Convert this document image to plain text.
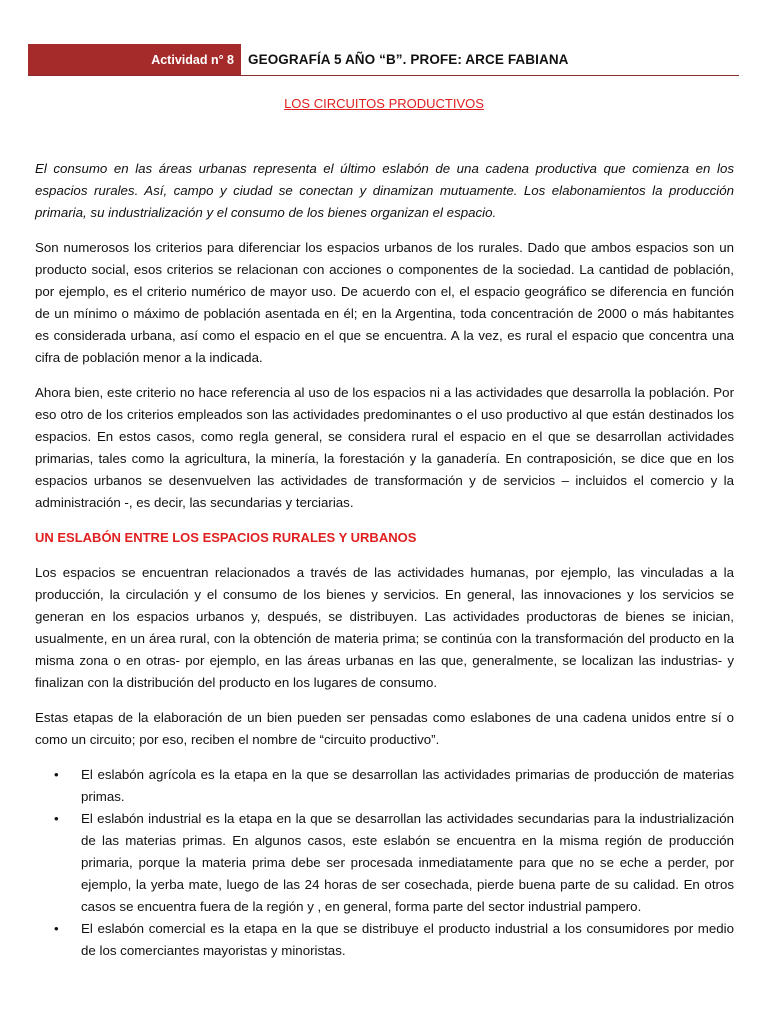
Actividad n° 8	GEOGRAFÍA 5 AÑO “B”. PROFE: ARCE FABIANA
LOS CIRCUITOS PRODUCTIVOS

El consumo en las áreas urbanas representa el último eslabón de una cadena productiva que comienza en los espacios rurales. Así, campo y ciudad se conectan y dinamizan mutuamente. Los elabonamientos la producción primaria, su industrialización y el consumo de los bienes organizan el espacio.

Son numerosos los criterios para diferenciar los espacios urbanos de los rurales. Dado que ambos espacios son un producto social, esos criterios se relacionan con acciones o componentes de la sociedad. La cantidad de población, por ejemplo, es el criterio numérico de mayor uso. De acuerdo con el, el espacio geográfico se diferencia en función de un mínimo o máximo de población asentada en él; en la Argentina, toda concentración de 2000 o más habitantes es considerada urbana, así como el espacio en el que se encuentra. A la vez, es rural el espacio que concentra una cifra de población menor a la indicada.

Ahora bien, este criterio no hace referencia al uso de los espacios ni a las actividades que desarrolla la población. Por eso otro de los criterios empleados son las actividades predominantes o el uso productivo al que están destinados los espacios. En estos casos, como regla general, se considera rural el espacio en el que se desarrollan actividades primarias, tales como la agricultura, la minería, la forestación y la ganadería. En contraposición, se dice que en los espacios urbanos se desenvuelven las actividades de transformación y de servicios – incluidos el comercio y la administración -, es decir, las secundarias y terciarias.

UN ESLABÓN ENTRE LOS ESPACIOS RURALES Y URBANOS

Los espacios se encuentran relacionados a través de las actividades humanas, por ejemplo, las vinculadas a la producción, la circulación y el consumo de los bienes y servicios. En general, las innovaciones y los servicios se generan en los espacios urbanos y, después, se distribuyen. Las actividades productoras de bienes se inician, usualmente, en un área rural, con la obtención de materia prima; se continúa con la transformación del producto en la misma zona o en otras- por ejemplo, en las áreas urbanas en las que, generalmente, se localizan las industrias- y finalizan con la distribución del producto en los lugares de consumo.

Estas etapas de la elaboración de un bien pueden ser pensadas como eslabones de una cadena unidos entre sí o como un circuito; por eso, reciben el nombre de “circuito productivo”.

• El eslabón agrícola es la etapa en la que se desarrollan las actividades primarias de producción de materias primas.
• El eslabón industrial es la etapa en la que se desarrollan las actividades secundarias para la industrialización de las materias primas. En algunos casos, este eslabón se encuentra en la misma región de producción primaria, porque la materia prima debe ser procesada inmediatamente para que no se eche a perder, por ejemplo, la yerba mate, luego de las 24 horas de ser cosechada, pierde buena parte de su calidad. En otros casos se encuentra fuera de la región y , en general, forma parte del sector industrial pampero.
• El eslabón comercial es la etapa en la que se distribuye el producto industrial a los consumidores por medio de los comerciantes mayoristas y minoristas.
